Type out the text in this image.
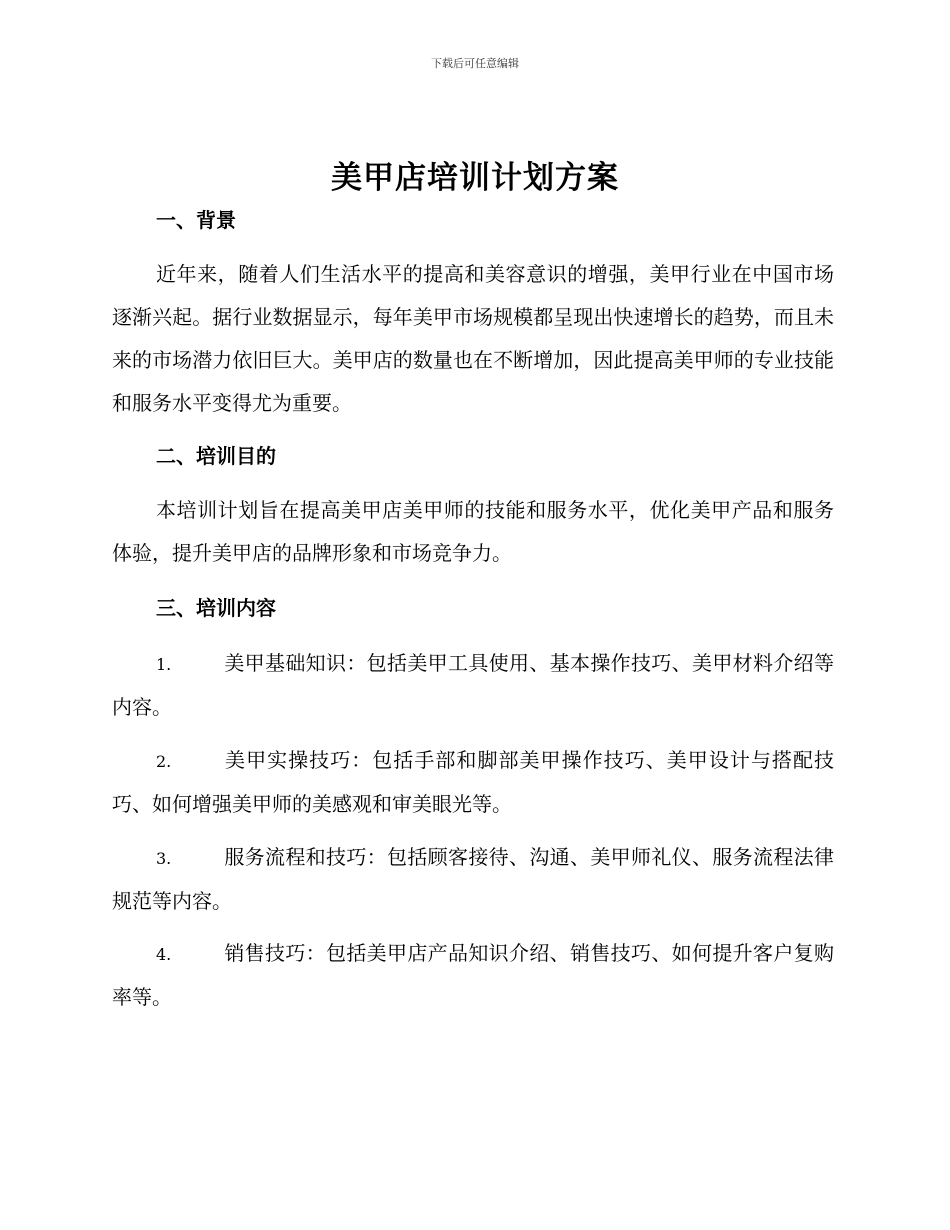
下载后可任意编辑
美甲店培训计划方案
一、背景
近年来，随着人们生活水平的提高和美容意识的增强，美甲行业在中国市场逐渐兴起。据行业数据显示，每年美甲市场规模都呈现出快速增长的趋势，而且未来的市场潜力依旧巨大。美甲店的数量也在不断增加，因此提高美甲师的专业技能和服务水平变得尤为重要。
二、培训目的
本培训计划旨在提高美甲店美甲师的技能和服务水平，优化美甲产品和服务体验，提升美甲店的品牌形象和市场竞争力。
三、培训内容
1.	美甲基础知识：包括美甲工具使用、基本操作技巧、美甲材料介绍等内容。
2.	美甲实操技巧：包括手部和脚部美甲操作技巧、美甲设计与搭配技巧、如何增强美甲师的美感观和审美眼光等。
3.	服务流程和技巧：包括顾客接待、沟通、美甲师礼仪、服务流程法律规范等内容。
4.	销售技巧：包括美甲店产品知识介绍、销售技巧、如何提升客户复购率等。
